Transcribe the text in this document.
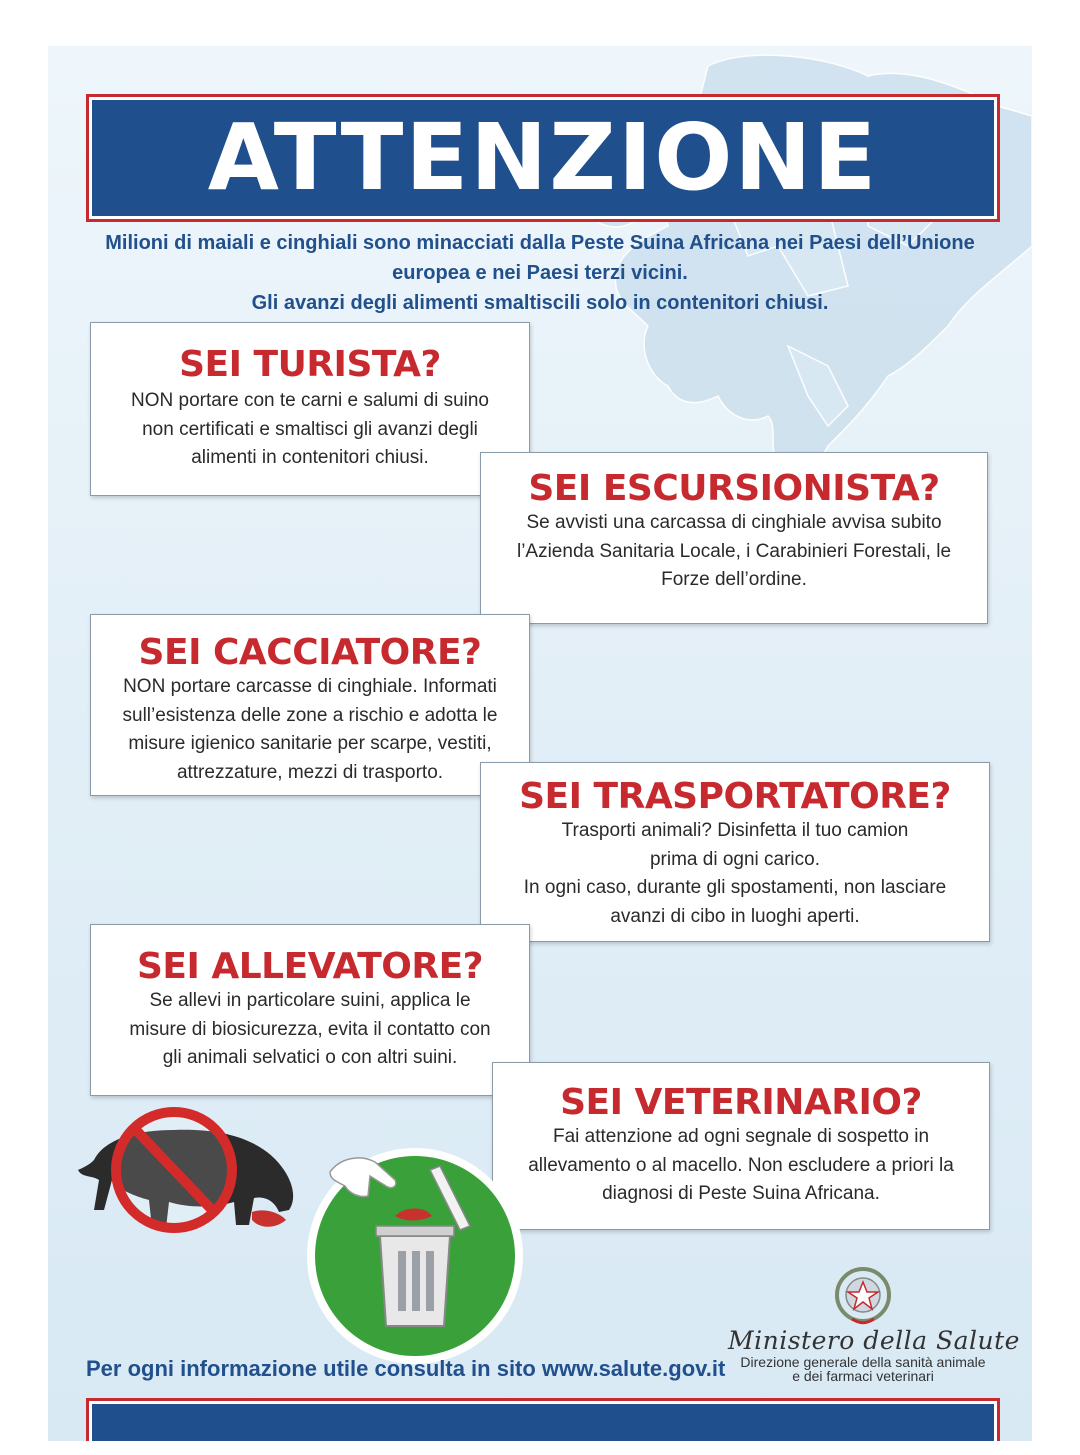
ATTENZIONE
Milioni di maiali e cinghiali sono minacciati dalla Peste Suina Africana nei Paesi dell’Unione
europea e nei Paesi terzi vicini.
Gli avanzi degli alimenti smaltiscili solo in contenitori chiusi.
SEI TURISTA?
NON portare con te carni e salumi di suino
non certificati e smaltisci gli avanzi degli
alimenti in contenitori chiusi.
SEI ESCURSIONISTA?
Se avvisti una carcassa di cinghiale avvisa subito
l’Azienda Sanitaria Locale, i Carabinieri Forestali, le
Forze dell’ordine.
SEI CACCIATORE?
NON portare carcasse di cinghiale. Informati
sull’esistenza delle zone a rischio e adotta le
misure igienico sanitarie per scarpe, vestiti,
attrezzature, mezzi di trasporto.
SEI TRASPORTATORE?
Trasporti animali? Disinfetta il tuo camion
prima di ogni carico.
In ogni caso, durante gli spostamenti, non lasciare
avanzi di cibo in luoghi aperti.
SEI ALLEVATORE?
Se allevi in particolare suini, applica le
misure di biosicurezza, evita il contatto con
gli animali selvatici o con altri suini.
SEI VETERINARIO?
Fai attenzione ad ogni segnale di sospetto in
allevamento o al macello. Non escludere a priori la
diagnosi di Peste Suina Africana.
Ministero della Salute
Direzione generale della sanità animale
e dei farmaci veterinari
Per ogni informazione utile consulta in sito www.salute.gov.it
